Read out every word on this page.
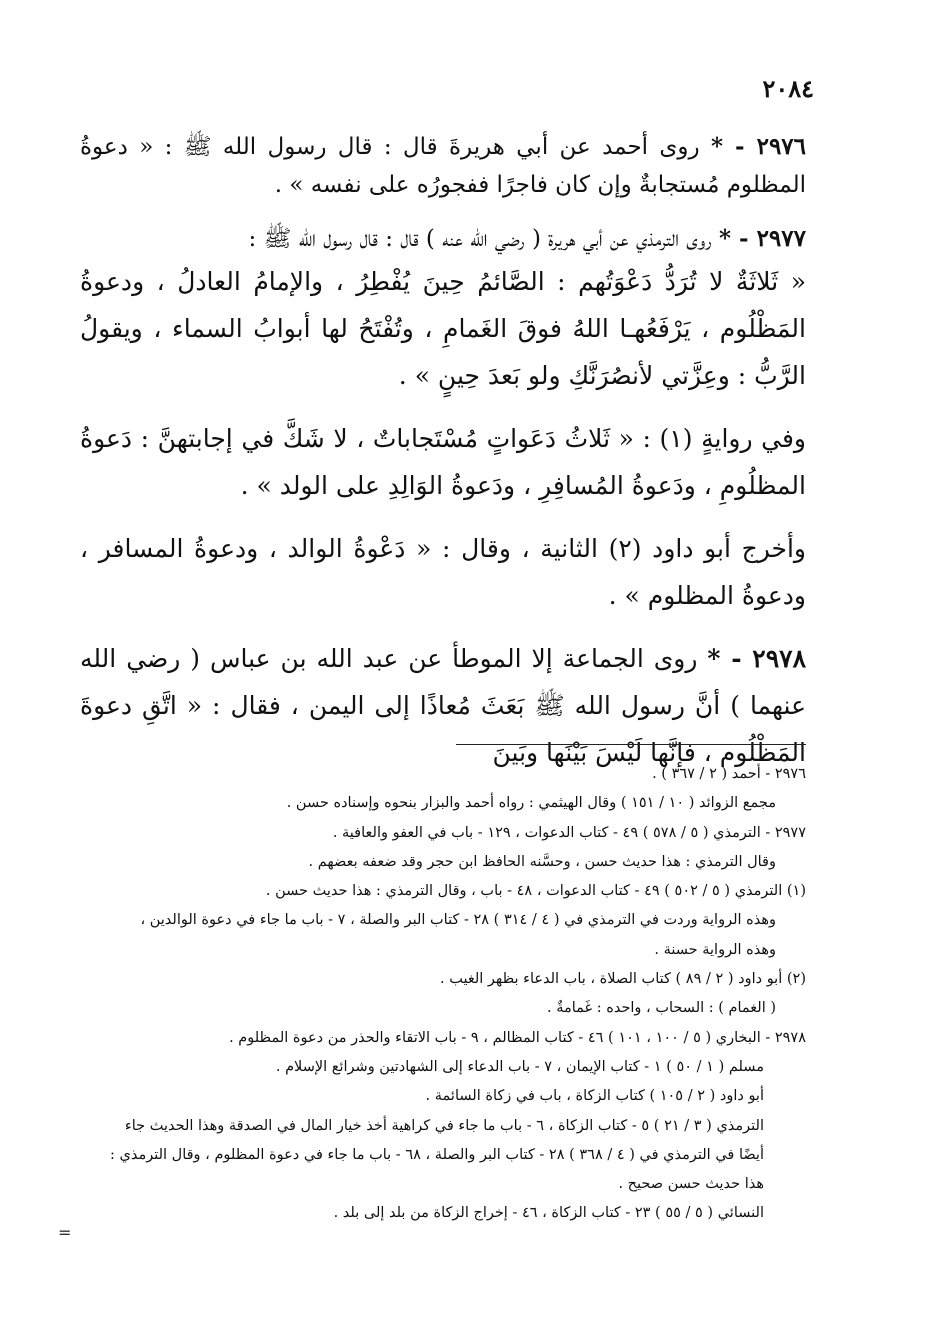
٢٠٨٤

٢٩٧٦ - * روى أحمد عن أبي هريرةَ قال : قال رسول الله ﷺ : « دعوةُ المظلوم مُستجابةٌ وإن كان فاجرًا ففجورُه على نفسه » .

٢٩٧٧ - * روى الترمذي عن أبي هريرة ( رضي الله عنه ) قال : قال رسول الله ﷺ :

« ثَلاثَةٌ لا تُرَدُّ دَعْوَتُهم : الصَّائمُ حِينَ يُفْطِرُ ، والإمامُ العادلُ ، ودعوةُ المَظْلُوم ، يَرْفَعُهـا اللهُ فوقَ الغَمامِ ، وتُفْتَحُ لها أبوابُ السماء ، ويقولُ الرَّبُّ : وعِزَّتي لأنصُرَنَّكِ ولو بَعدَ حِينٍ » .

وفي روايةٍ (١) : « ثَلاثُ دَعَواتٍ مُسْتَجاباتٌ ، لا شَكَّ في إجابتهنَّ : دَعوةُ المظلُومِ ، ودَعوةُ المُسافِرِ ، ودَعوةُ الوَالِدِ على الولد » .

وأخرج أبو داود (٢) الثانية ، وقال : « دَعْوةُ الوالد ، ودعوةُ المسافر ، ودعوةُ المظلوم » .

٢٩٧٨ - * روى الجماعة إلا الموطأ عن عبد الله بن عباس ( رضي الله عنهما ) أنَّ رسول الله ﷺ بَعَثَ مُعاذًا إلى اليمن ، فقال : « اتَّقِ دعوةَ المَظْلُوم ، فإنَّها لَيْسَ بَيْنَها وبَينَ

٢٩٧٦ - أحمد ( ٢ / ٣٦٧ ) .

مجمع الزوائد ( ١٠ / ١٥١ ) وقال الهيثمي : رواه أحمد والبزار بنحوه وإسناده حسن .

٢٩٧٧ - الترمذي ( ٥ / ٥٧٨ ) ٤٩ - كتاب الدعوات ، ١٢٩ - باب في العفو والعافية .

وقال الترمذي : هذا حديث حسن ، وحسَّنه الحافظ ابن حجر وقد ضعفه بعضهم .

(١) الترمذي ( ٥ / ٥٠٢ ) ٤٩ - كتاب الدعوات ، ٤٨ - باب ، وقال الترمذي : هذا حديث حسن .

وهذه الرواية وردت في الترمذي في ( ٤ / ٣١٤ ) ٢٨ - كتاب البر والصلة ، ٧ - باب ما جاء في دعوة الوالدين ،

وهذه الرواية حسنة .

(٢) أبو داود ( ٢ / ٨٩ ) كتاب الصلاة ، باب الدعاء بظهر الغيب .

( الغمام ) : السحاب ، واحده : غَمامةٌ .

٢٩٧٨ - البخاري ( ٥ / ١٠٠ ، ١٠١ ) ٤٦ - كتاب المظالم ، ٩ - باب الاتقاء والحذر من دعوة المظلوم .

مسلم ( ١ / ٥٠ ) ١ - كتاب الإيمان ، ٧ - باب الدعاء إلى الشهادتين وشرائع الإسلام .

أبو داود ( ٢ / ١٠٥ ) كتاب الزكاة ، باب في زكاة السائمة .

الترمذي ( ٣ / ٢١ ) ٥ - كتاب الزكاة ، ٦ - باب ما جاء في كراهية أخذ خيار المال في الصدقة وهذا الحديث جاء

أيضًا في الترمذي في ( ٤ / ٣٦٨ ) ٢٨ - كتاب البر والصلة ، ٦٨ - باب ما جاء في دعوة المظلوم ، وقال الترمذي :

هذا حديث حسن صحيح .

النسائي ( ٥ / ٥٥ ) ٢٣ - كتاب الزكاة ، ٤٦ - إخراج الزكاة من بلد إلى بلد .

=
